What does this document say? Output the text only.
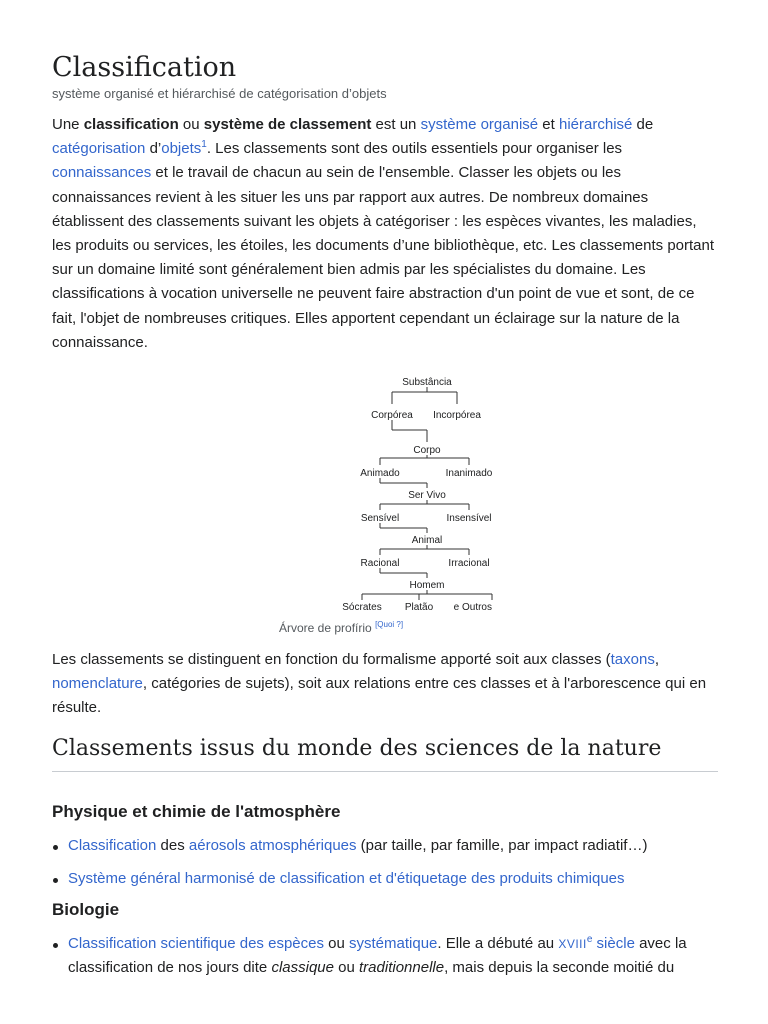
Classification
système organisé et hiérarchisé de catégorisation d’objets

Une classification ou système de classement est un système organisé et hiérarchisé de catégorisation d’objets$^1$. Les classements sont des outils essentiels pour organiser les connaissances et le travail de chacun au sein de l'ensemble. Classer les objets ou les connaissances revient à les situer les uns par rapport aux autres. De nombreux domaines établissent des classements suivant les objets à catégoriser : les espèces vivantes, les maladies, les produits ou services, les étoiles, les documents d’une bibliothèque, etc. Les classements portant sur un domaine limité sont généralement bien admis par les spécialistes du domaine. Les classifications à vocation universelle ne peuvent faire abstraction d'un point de vue et sont, de ce fait, l'objet de nombreuses critiques. Elles apportent cependant un éclairage sur la nature de la connaissance.

Substância
Corpórea Incorpórea
Corpo
Animado	Inanimado
Ser Vivo
Sensível	Insensível
Animal
Racional	Irracional
Homem
Sócrates Platão e Outros
Árvore de profírio [Quoi ?]

Les classements se distinguent en fonction du formalisme apporté soit aux classes (taxons, nomenclature, catégories de sujets), soit aux relations entre ces classes et à l'arborescence qui en résulte.

Classements issus du monde des sciences de la nature
Physique et chimie de l'atmosphère
Classification des aérosols atmosphériques (par taille, par famille, par impact radiatif…)
Système général harmonisé de classification et d'étiquetage des produits chimiques
Biologie
Classification scientifique des espèces ou systématique. Elle a débuté au XVIIIe siècle avec la classification de nos jours dite classique ou traditionnelle, mais depuis la seconde moitié du
